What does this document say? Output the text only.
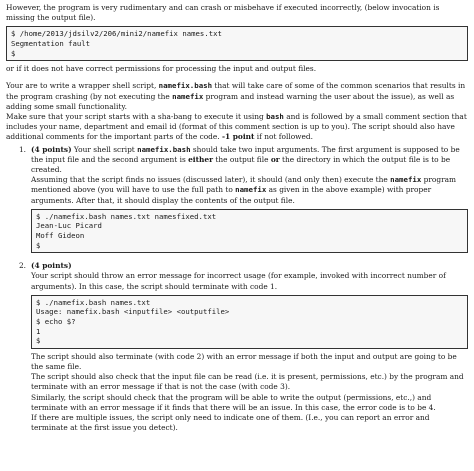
However, the program is very rudimentary and can crash or misbehave if executed incorrectly, (below invocation is missing the output file).

$ /home/2013/jdsilv2/206/mini2/namefix names.txt
Segmentation fault
$

or if it does not have correct permissions for processing the input and output files.

Your are to write a wrapper shell script, namefix.bash that will take care of some of the common scenarios that results in the program crashing (by not executing the namefix program and instead warning the user about the issue), as well as adding some small functionality.

Make sure that your script starts with a sha-bang to execute it using bash and is followed by a small comment section that includes your name, department and email id (format of this comment section is up to you). The script should also have additional comments for the important parts of the code. -1 point if not followed.

1. (4 points) Your shell script namefix.bash should take two input arguments. The first argument is supposed to be the input file and the second argument is either the output file or the directory in which the output file is to be created.

Assuming that the script finds no issues (discussed later), it should (and only then) execute the namefix program mentioned above (you will have to use the full path to namefix as given in the above example) with proper arguments. After that, it should display the contents of the output file.

$ ./namefix.bash names.txt namesfixed.txt
Jean-Luc Picard
Moff Gideon
$
2. (4 points)

Your script should throw an error message for incorrect usage (for example, invoked with incorrect number of arguments). In this case, the script should terminate with code 1.

$ ./namefix.bash names.txt
Usage: namefix.bash <inputfile> <outputfile>
$ echo $?
1
$

The script should also terminate (with code 2) with an error message if both the input and output are going to be the same file.

The script should also check that the input file can be read (i.e. it is present, permissions, etc.) by the program and terminate with an error message if that is not the case (with code 3).

Similarly, the script should check that the program will be able to write the output (permissions, etc.,) and terminate with an error message if it finds that there will be an issue. In this case, the error code is to be 4.

If there are multiple issues, the script only need to indicate one of them. (I.e., you can report an error and terminate at the first issue you detect).
